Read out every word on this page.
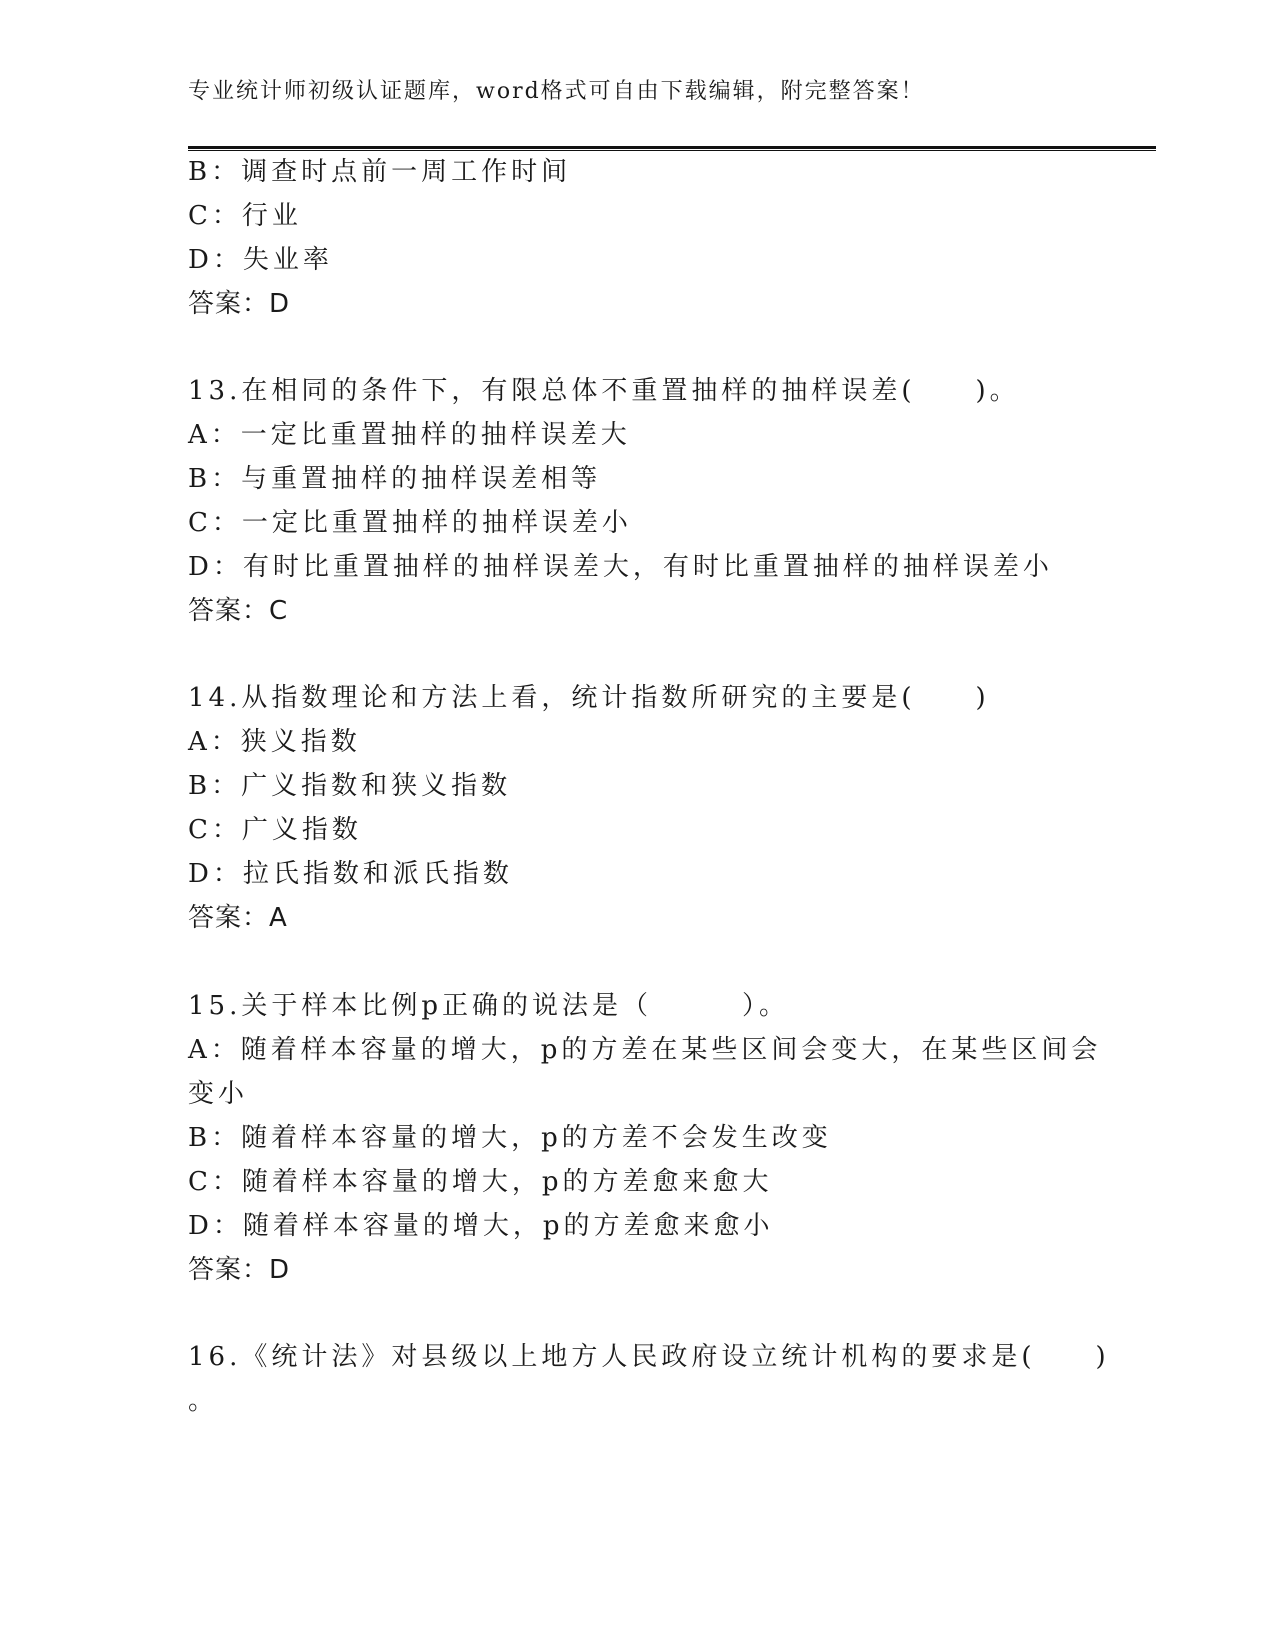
专业统计师初级认证题库，word格式可自由下载编辑，附完整答案！
B：调查时点前一周工作时间
C：行业
D：失业率
答案：D
13.在相同的条件下，有限总体不重置抽样的抽样误差(　　)。
A：一定比重置抽样的抽样误差大
B：与重置抽样的抽样误差相等
C：一定比重置抽样的抽样误差小
D：有时比重置抽样的抽样误差大，有时比重置抽样的抽样误差小
答案：C
14.从指数理论和方法上看，统计指数所研究的主要是(　　)
A：狭义指数
B：广义指数和狭义指数
C：广义指数
D：拉氏指数和派氏指数
答案：A
15.关于样本比例p正确的说法是（　　　）。
A：随着样本容量的增大，p的方差在某些区间会变大，在某些区间会
变小
B：随着样本容量的增大，p的方差不会发生改变
C：随着样本容量的增大，p的方差愈来愈大
D：随着样本容量的增大，p的方差愈来愈小
答案：D
16.《统计法》对县级以上地方人民政府设立统计机构的要求是(　　)
。
